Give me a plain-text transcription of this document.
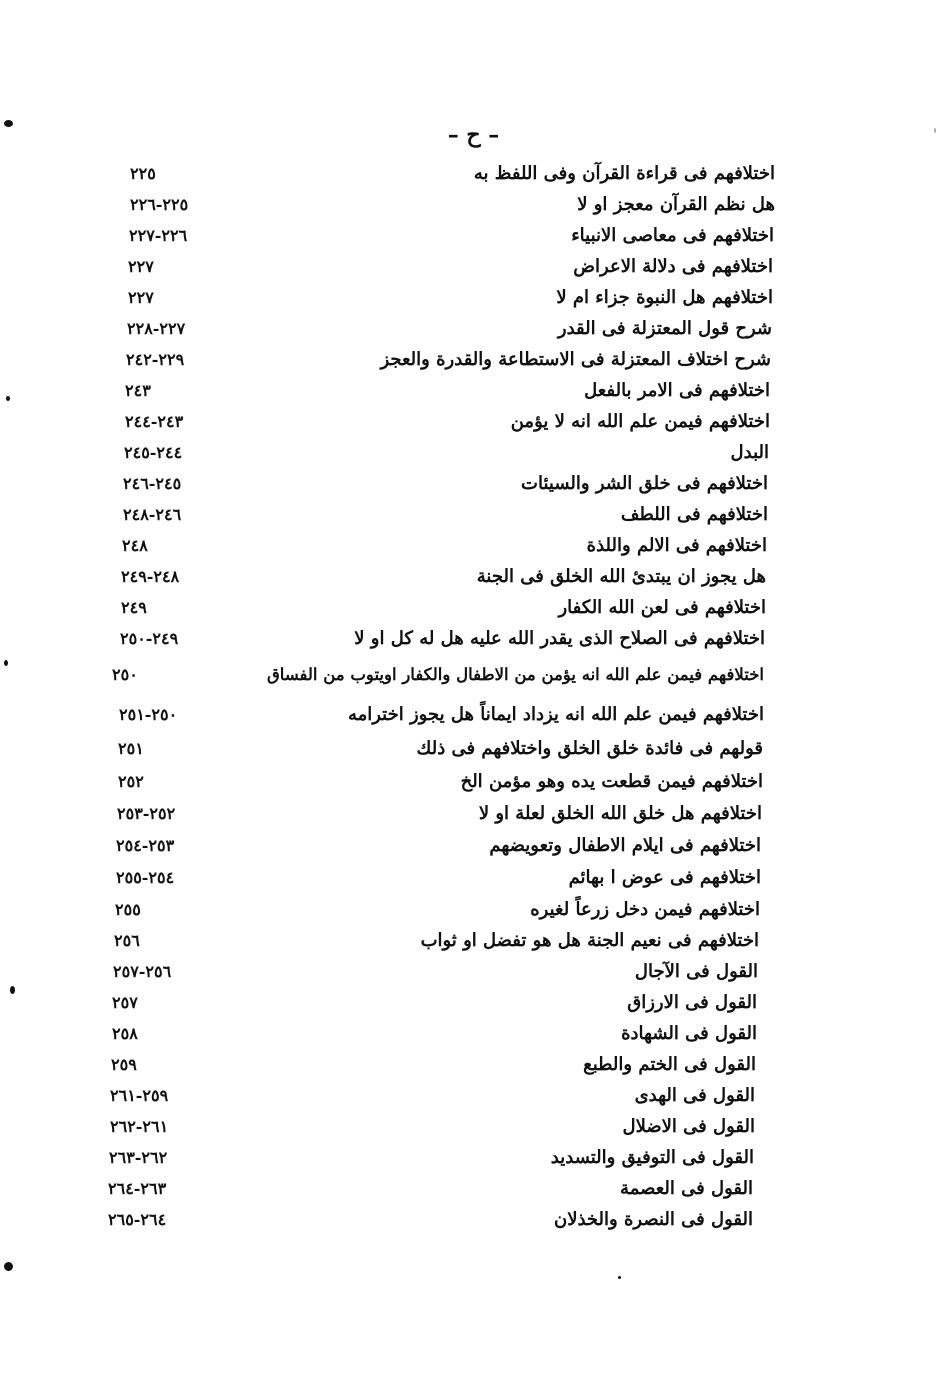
– ح –
اختلافهم فى قراءة القرآن وفى اللفظ به
٢٢٥
هل نظم القرآن معجز او لا
٢٢٥-٢٢٦
اختلافهم فى معاصى الانبياء
٢٢٦-٢٢٧
اختلافهم فى دلالة الاعراض
٢٢٧
اختلافهم هل النبوة جزاء ام لا
٢٢٧
شرح قول المعتزلة فى القدر
٢٢٧-٢٢٨
شرح اختلاف المعتزلة فى الاستطاعة والقدرة والعجز
٢٢٩-٢٤٢
اختلافهم فى الامر بالفعل
٢٤٣
اختلافهم فيمن علم الله انه لا يؤمن
٢٤٣-٢٤٤
البدل
٢٤٤-٢٤٥
اختلافهم فى خلق الشر والسيئات
٢٤٥-٢٤٦
اختلافهم فى اللطف
٢٤٦-٢٤٨
اختلافهم فى الالم واللذة
٢٤٨
هل يجوز ان يبتدئ الله الخلق فى الجنة
٢٤٨-٢٤٩
اختلافهم فى لعن الله الكفار
٢٤٩
اختلافهم فى الصلاح الذى يقدر الله عليه هل له كل او لا
٢٤٩-٢٥٠
اختلافهم فيمن علم الله انه يؤمن من الاطفال والكفار اويتوب من الفساق
٢٥٠
اختلافهم فيمن علم الله انه يزداد ايماناً هل يجوز اخترامه
٢٥٠-٢٥١
قولهم فى فائدة خلق الخلق واختلافهم فى ذلك
٢٥١
اختلافهم فيمن قطعت يده وهو مؤمن الخ
٢٥٢
اختلافهم هل خلق الله الخلق لعلة او لا
٢٥٢-٢٥٣
اختلافهم فى ايلام الاطفال وتعويضهم
٢٥٣-٢٥٤
اختلافهم فى عوض ا بهائم
٢٥٤-٢٥٥
اختلافهم فيمن دخل زرعاً لغيره
٢٥٥
اختلافهم فى نعيم الجنة هل هو تفضل او ثواب
٢٥٦
القول فى الآجال
٢٥٦-٢٥٧
القول فى الارزاق
٢٥٧
القول فى الشهادة
٢٥٨
القول فى الختم والطبع
٢٥٩
القول فى الهدى
٢٥٩-٢٦١
القول فى الاضلال
٢٦١-٢٦٢
القول فى التوفيق والتسديد
٢٦٢-٢٦٣
القول فى العصمة
٢٦٣-٢٦٤
القول فى النصرة والخذلان
٢٦٤-٢٦٥
